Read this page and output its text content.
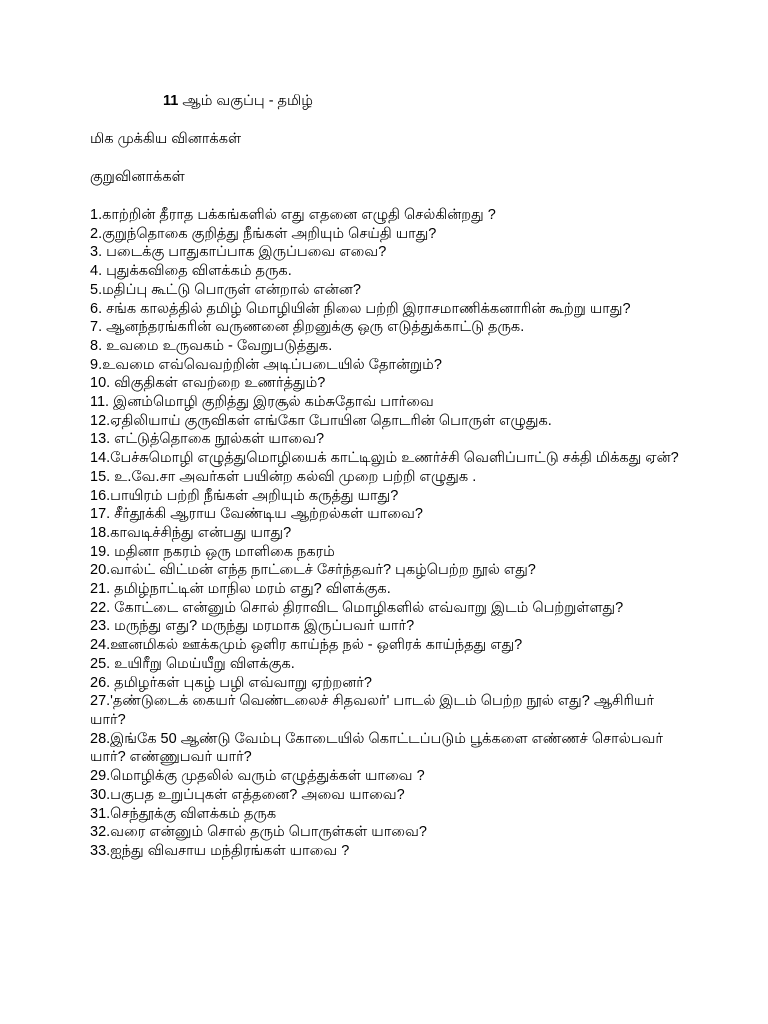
11 ஆம் வகுப்பு - தமிழ்
மிக முக்கிய வினாக்கள்
குறுவினாக்கள்
1.காற்றின் தீராத பக்கங்களில் எது எதனை எழுதி செல்கின்றது ?
2.குறுந்தொகை குறித்து நீங்கள் அறியும் செய்தி யாது?
3. படைக்கு பாதுகாப்பாக இருப்பவை எவை?
4. புதுக்கவிதை விளக்கம் தருக.
5.மதிப்பு கூட்டு பொருள் என்றால் என்ன?
6. சங்க காலத்தில் தமிழ் மொழியின் நிலை பற்றி இராசமாணிக்கனாரின் கூற்று யாது?
7. ஆனந்தரங்கரின் வருணனை திறனுக்கு ஒரு எடுத்துக்காட்டு தருக.
8. உவமை உருவகம் - வேறுபடுத்துக.
9.உவமை எவ்வெவற்றின் அடிப்படையில் தோன்றும்?
10. விகுதிகள் எவற்றை உணர்த்தும்?
11. இனம்மொழி குறித்து இரசூல் கம்சுதோவ் பார்வை
12.ஏதிலியாய் குருவிகள் எங்கோ போயின தொடரின் பொருள் எழுதுக.
13. எட்டுத்தொகை நூல்கள் யாவை?
14.பேச்சுமொழி எழுத்துமொழியைக் காட்டிலும் உணர்ச்சி வெளிப்பாட்டு சக்தி மிக்கது ஏன்?
15. உ.வே.சா அவர்கள் பயின்ற கல்வி முறை பற்றி எழுதுக .
16.பாயிரம் பற்றி நீங்கள் அறியும் கருத்து யாது?
17. சீர்தூக்கி ஆராய வேண்டிய ஆற்றல்கள் யாவை?
18.காவடிச்சிந்து என்பது யாது?
19. மதினா நகரம் ஒரு மாளிகை நகரம்
20.வால்ட் விட்மன் எந்த நாட்டைச் சேர்ந்தவர்? புகழ்பெற்ற நூல் எது?
21. தமிழ்நாட்டின் மாநில மரம் எது? விளக்குக.
22. கோட்டை என்னும் சொல் திராவிட மொழிகளில் எவ்வாறு இடம் பெற்றுள்ளது?
23. மருந்து எது? மருந்து மரமாக இருப்பவர் யார்?
24.ஊனமிகல் ஊக்கமும் ஒளிர காய்ந்த நல் - ஒளிரக் காய்ந்தது எது?
25. உயிரீறு மெய்யீறு விளக்குக.
26. தமிழர்கள் புகழ் பழி எவ்வாறு ஏற்றனர்?
27.'தண்டுடைக் கையர் வெண்டலைச் சிதவலர்' பாடல் இடம் பெற்ற நூல் எது? ஆசிரியர் யார்?
28.இங்கே 50 ஆண்டு வேம்பு கோடையில் கொட்டப்படும் பூக்களை எண்ணச் சொல்பவர் யார்? எண்ணுபவர் யார்?
29.மொழிக்கு முதலில் வரும் எழுத்துக்கள் யாவை ?
30.பகுபத உறுப்புகள் எத்தனை? அவை யாவை?
31.செந்தூக்கு விளக்கம் தருக
32.வரை என்னும் சொல் தரும் பொருள்கள் யாவை?
33.ஐந்து விவசாய மந்திரங்கள் யாவை ?
